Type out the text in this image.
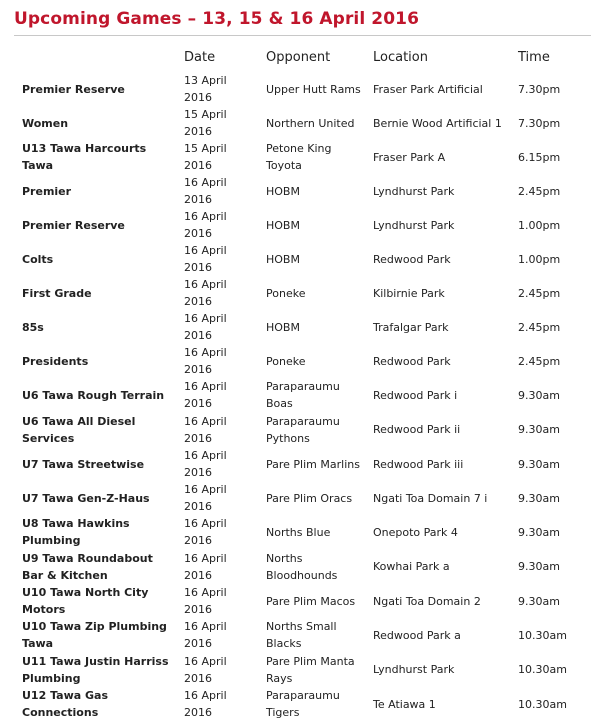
Upcoming Games – 13, 15 & 16 April 2016
	Date	Opponent	Location	Time
Premier Reserve	13 April 2016	Upper Hutt Rams	Fraser Park Artificial	7.30pm
Women	15 April 2016	Northern United	Bernie Wood Artificial 1	7.30pm
U13 Tawa Harcourts Tawa	15 April 2016	Petone King Toyota	Fraser Park A	6.15pm
Premier	16 April 2016	HOBM	Lyndhurst Park	2.45pm
Premier Reserve	16 April 2016	HOBM	Lyndhurst Park	1.00pm
Colts	16 April 2016	HOBM	Redwood Park	1.00pm
First Grade	16 April 2016	Poneke	Kilbirnie Park	2.45pm
85s	16 April 2016	HOBM	Trafalgar Park	2.45pm
Presidents	16 April 2016	Poneke	Redwood Park	2.45pm
U6 Tawa Rough Terrain	16 April 2016	Paraparaumu Boas	Redwood Park i	9.30am
U6 Tawa All Diesel Services	16 April 2016	Paraparaumu Pythons	Redwood Park ii	9.30am
U7 Tawa Streetwise	16 April 2016	Pare Plim Marlins	Redwood Park iii	9.30am
U7 Tawa Gen-Z-Haus	16 April 2016	Pare Plim Oracs	Ngati Toa Domain 7 i	9.30am
U8 Tawa Hawkins Plumbing	16 April 2016	Norths Blue	Onepoto Park 4	9.30am
U9 Tawa Roundabout Bar & Kitchen	16 April 2016	Norths Bloodhounds	Kowhai Park a	9.30am
U10 Tawa North City Motors	16 April 2016	Pare Plim Macos	Ngati Toa Domain 2	9.30am
U10 Tawa Zip Plumbing Tawa	16 April 2016	Norths Small Blacks	Redwood Park a	10.30am
U11 Tawa Justin Harriss Plumbing	16 April 2016	Pare Plim Manta Rays	Lyndhurst Park	10.30am
U12 Tawa Gas Connections	16 April 2016	Paraparaumu Tigers	Te Atiawa 1	10.30am
